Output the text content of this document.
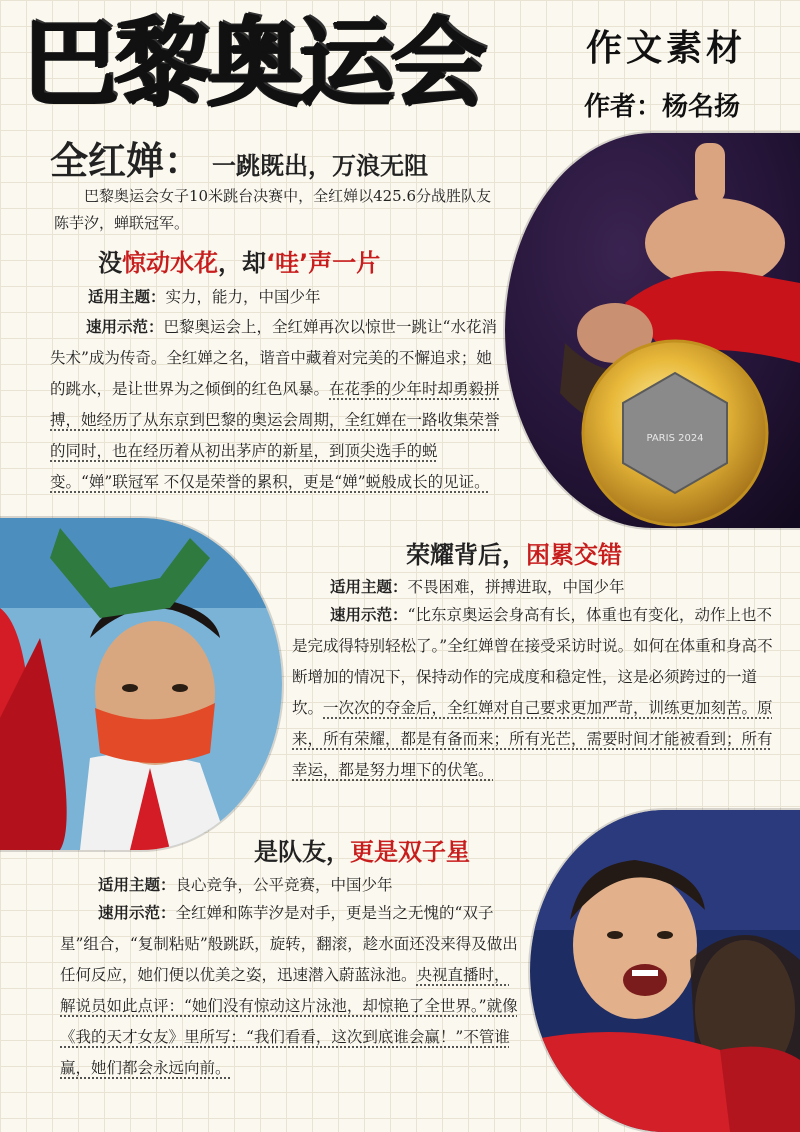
巴黎奥运会	作文素材
作者：杨名扬
全红婵： 一跳既出，万浪无阻
巴黎奥运会女子10米跳台决赛中，全红婵以425.6分战胜队友陈芋汐，蝉联冠军。
PARIS 2024
没惊动水花，却‘哇’声一片
适用主题：实力，能力，中国少年
速用示范：巴黎奥运会上，全红婵再次以惊世一跳让“水花消失术”成为传奇。全红婵之名，谐音中藏着对完美的不懈追求；她的跳水，是让世界为之倾倒的红色风暴。在花季的少年时却勇毅拼搏，她经历了从东京到巴黎的奥运会周期，全红婵在一路收集荣誉的同时，也在经历着从初出茅庐的新星，到顶尖选手的蜕变。“婵”联冠军 不仅是荣誉的累积，更是“婵”蜕般成长的见证。
荣耀背后，困累交错
适用主题：不畏困难，拼搏进取，中国少年
速用示范：“比东京奥运会身高有长，体重也有变化，动作上也不是完成得特别轻松了。”全红婵曾在接受采访时说。如何在体重和身高不断增加的情况下，保持动作的完成度和稳定性，这是必须跨过的一道坎。一次次的夺金后，全红婵对自己要求更加严苛，训练更加刻苦。原来，所有荣耀，都是有备而来；所有光芒，需要时间才能被看到；所有幸运，都是努力埋下的伏笔。
是队友，更是双子星
适用主题：良心竞争，公平竞赛，中国少年
速用示范：全红婵和陈芋汐是对手，更是当之无愧的“双子星”组合，“复制粘贴”般跳跃，旋转，翻滚，趁水面还没来得及做出任何反应，她们便以优美之姿，迅速潜入蔚蓝泳池。央视直播时，解说员如此点评：“她们没有惊动这片泳池，却惊艳了全世界。”就像《我的天才女友》里所写：“我们看看，这次到底谁会赢！”不管谁赢，她们都会永远向前。
